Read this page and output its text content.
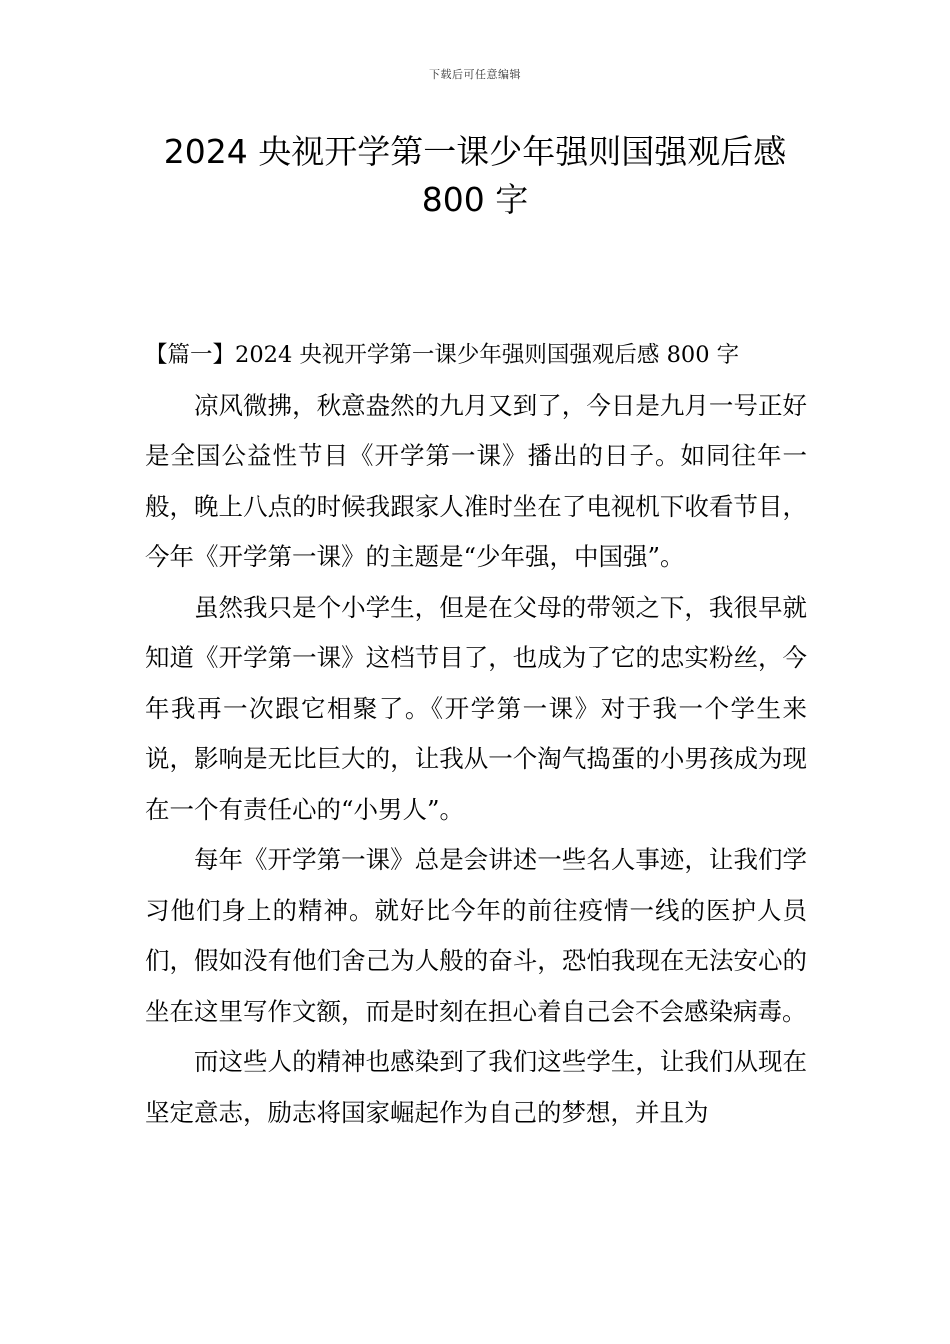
下载后可任意编辑
2024 央视开学第一课少年强则国强观后感
800 字

【篇一】2024 央视开学第一课少年强则国强观后感 800 字

凉风微拂，秋意盎然的九月又到了，今日是九月一号正好是全国公益性节目《开学第一课》播出的日子。如同往年一般，晚上八点的时候我跟家人准时坐在了电视机下收看节目，今年《开学第一课》的主题是“少年强，中国强”。

虽然我只是个小学生，但是在父母的带领之下，我很早就知道《开学第一课》这档节目了，也成为了它的忠实粉丝，今年我再一次跟它相聚了。《开学第一课》对于我一个学生来说，影响是无比巨大的，让我从一个淘气捣蛋的小男孩成为现在一个有责任心的“小男人”。

每年《开学第一课》总是会讲述一些名人事迹，让我们学习他们身上的精神。就好比今年的前往疫情一线的医护人员们，假如没有他们舍己为人般的奋斗，恐怕我现在无法安心的坐在这里写作文额，而是时刻在担心着自己会不会感染病毒。

而这些人的精神也感染到了我们这些学生，让我们从现在坚定意志，励志将国家崛起作为自己的梦想，并且为
